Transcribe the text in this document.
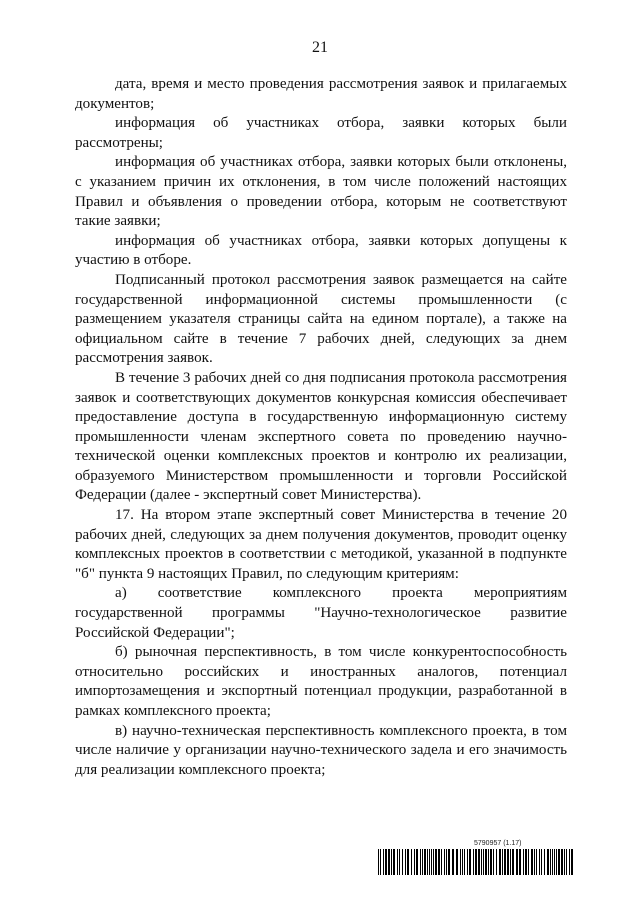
21

дата, время и место проведения рассмотрения заявок и прилагаемых документов;

информация об участниках отбора, заявки которых были рассмотрены;

информация об участниках отбора, заявки которых были отклонены, с указанием причин их отклонения, в том числе положений настоящих Правил и объявления о проведении отбора, которым не соответствуют такие заявки;

информация об участниках отбора, заявки которых допущены к участию в отборе.

Подписанный протокол рассмотрения заявок размещается на сайте государственной информационной системы промышленности (с размещением указателя страницы сайта на едином портале), а также на официальном сайте в течение 7 рабочих дней, следующих за днем рассмотрения заявок.

В течение 3 рабочих дней со дня подписания протокола рассмотрения заявок и соответствующих документов конкурсная комиссия обеспечивает предоставление доступа в государственную информационную систему промышленности членам экспертного совета по проведению научно-технической оценки комплексных проектов и контролю их реализации, образуемого Министерством промышленности и торговли Российской Федерации (далее - экспертный совет Министерства).

17. На втором этапе экспертный совет Министерства в течение 20 рабочих дней, следующих за днем получения документов, проводит оценку комплексных проектов в соответствии с методикой, указанной в подпункте "б" пункта 9 настоящих Правил, по следующим критериям:

а) соответствие комплексного проекта мероприятиям государственной программы "Научно-технологическое развитие Российской Федерации";

б) рыночная перспективность, в том числе конкурентоспособность относительно российских и иностранных аналогов, потенциал импортозамещения и экспортный потенциал продукции, разработанной в рамках комплексного проекта;

в) научно-техническая перспективность комплексного проекта, в том числе наличие у организации научно-технического задела и его значимость для реализации комплексного проекта;

5790957 (1.17)
